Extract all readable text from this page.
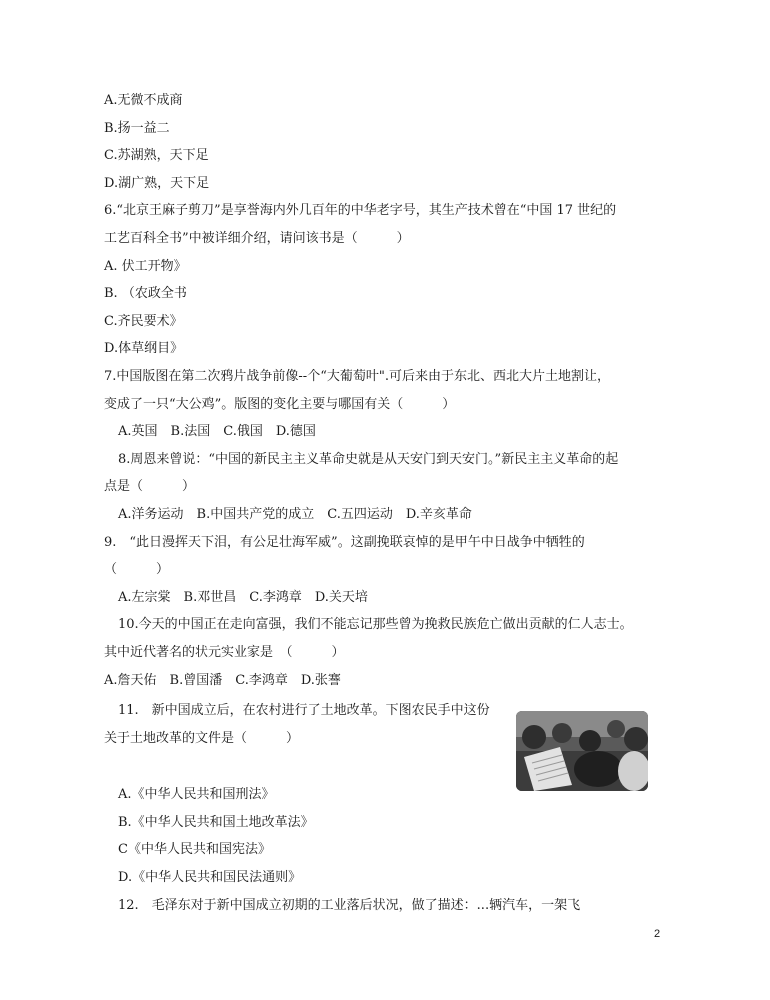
A.无微不成商
B.扬一益二
C.苏湖熟，天下足
D.湖广熟，天下足
6.“北京王麻子剪刀”是享誉海内外几百年的中华老字号，其生产技术曾在“中国 17 世纪的
工艺百科全书”中被详细介绍，请问该书是（　　　）
A. 伏工开物》
B. （农政全书
C.齐民要术》
D.体草纲目》
7.中国版图在第二次鸦片战争前像--个“大葡萄叶".可后来由于东北、西北大片土地割让，
变成了一只“大公鸡”。版图的变化主要与哪国有关（　　　）
A.英国　B.法国　C.俄国　D.德国
8.周恩来曾说：“中国的新民主主义革命史就是从天安门到天安门。”新民主主义革命的起
点是（　　　）
A.洋务运动　B.中国共产党的成立　C.五四运动　D.辛亥革命
9.　“此日漫挥天下泪，有公足壮海军威”。这副挽联哀悼的是甲午中日战争中牺牲的
（　　　）
A.左宗棠　B.邓世昌　C.李鸿章　D.关天培
10.今天的中国正在走向富强，我们不能忘记那些曾为挽救民族危亡做出贡献的仁人志士。
其中近代著名的状元实业家是　（　　　）
A.詹天佑　B.曾国潘　C.李鸿章　D.张謇
11.　新中国成立后，在农村进行了土地改革。下图农民手中这份
关于土地改革的文件是（　　　）
A.《中华人民共和国刑法》
B.《中华人民共和国土地改革法》
C《中华人民共和国宪法》
D.《中华人民共和国民法通则》
12.　毛泽东对于新中国成立初期的工业落后状况，做了描述：...辆汽车，一架飞
2
